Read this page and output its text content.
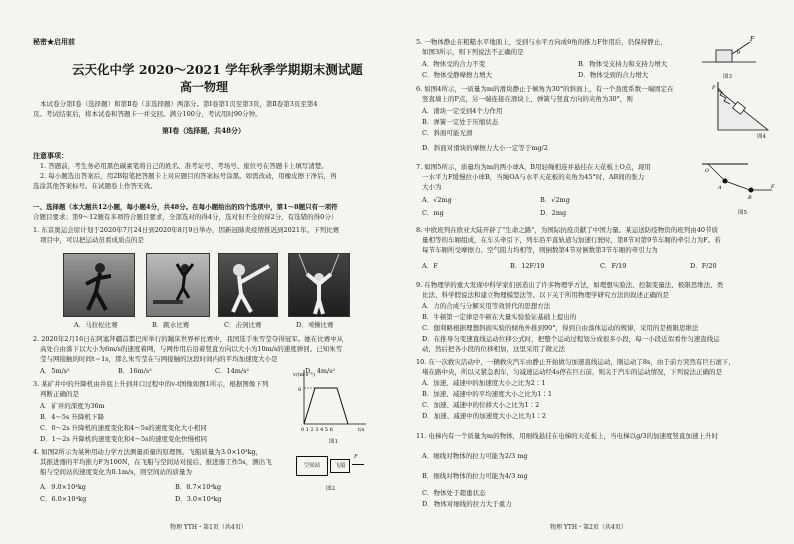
秘密★启用前
云天化中学 2020～2021 学年秋季学期期末测试题
高一物理
本试卷分第Ⅰ卷（选择题）和第Ⅱ卷（非选择题）两部分。第Ⅰ卷第1页至第3页，第Ⅱ卷第3页至第4
页。考试结束后，将本试卷和答题卡一并交回。满分100分，考试用时90分钟。
第Ⅰ卷（选择题，共48分）
注意事项：
1. 答题前，考生务必用黑色碳素笔将自己的姓名、准考证号、考场号、座位号在答题卡上填写清楚。
2. 每小题选出答案后，用2B铅笔把答题卡上对应题目的答案标号涂黑。如需改动，用橡皮擦干净后，再
选涂其他答案标号。在试题卷上作答无效。
一、选择题（本大题共12小题，每小题4分，共48分。在每小题给出的四个选项中，第1～8题只有一项符
合题目要求；第9～12题有多项符合题目要求，全部选对的得4分，选对但不全的得2分，有选错的得0分）
1. 东京奥运会原计划于2020年7月24日到2020年8月9日举办，因新冠肺炎疫情推迟到2021年。下列比赛
项目中，可以把运动员看成质点的是
A．马拉松比赛	B．跳水比赛	C．击剑比赛	D．체操比赛
2. 2020年2月16日在阿塞拜疆首都巴库举行的蹦床世界杯比赛中，我国选手朱雪莹夺得冠军。她在比赛中从
高处自由落下以大小为6m/s的速度着网，与网作用后沿着竖直方向以大小为10m/s的速度弹回。已知朱雪
莹与网接触的时间t＝1s，那么朱雪莹在与网接触的这段时间内的平均加速度大小是
A．5m/s²	B．16m/s²	C．14m/s²	D．4m/s²
3. 某矿井中的升降机由井底上升到井口过程中的v-t图像如图1所示，根据图像下列
判断正确的是
A．矿井的深度为36m
B．4～5s 升降机下降
C．0～2s 升降机的速度变化和4～5s的速度变化大小相同
D．1～2s 升降机的速度变化和4～5s的速度变化快慢相同
v/(m·s⁻¹)
8
0 1 2 3 4 5 6	t/s
图1
4. 如图2所示为某种用动力学方法测量质量的原理图。飞船质量为3.0×10³kg，
其推进器的平均推力F为100N，在飞船与空间站对接后，推进器工作5s，测出飞
船与空间站的速度变化为0.1m/s，则空间站的质量为
A．9.0×10⁴kg	B．8.7×10⁴kg
C．6.0×10⁴kg	D．3.0×10⁴kg
空间站	飞船
F
图2
物理 YTH・第1页（共4页）
5. 一物体静止在粗糙水平地面上，受到与水平方向成θ角的推力F作用后，仍保持静止，
如图3所示，则下列说法不正确的是
A．物体受的合力不变	B．物体受支持力和支持力增大
C．物体受静摩擦力增大	D．物体受到的合力增大
F
θ
图3
6. 如图4所示，一质量为m的滑块静止于倾角为30°的斜面上，有一个劲度系数一端固定在
竖直墙上的P点，另一端连接在滑块上，弹簧与竖直方向的夹角为30°，则
A．滑块一定受到4个力作用
B．弹簧一定处于压缩状态
C．斜面可能光滑
D．斜面对滑块的摩擦力大小一定等于mg/2
P
图4
7. 如图5所示，质量均为m的两小球A、B用轻绳相连并悬挂在天花板上O点，现用
一水平力F缓慢拉小球B，当绳OA与水平天花板的夹角为45°时，AB间的张力
大小为
A．√2mg	B．√2mg
C．mg	D．2mg
O
A
B
F
图5
8. 中欧班列在欧亚大陆开辟了"生命之路"，为国际抗疫贡献了中国力量。某运送防疫物资的班列由40节质
量相等的车厢组成，在车头牵引下，列车沿平直轨道匀加速行驶时，第8节对第9节车厢的牵引力为F。若
每节车厢所受摩擦力、空气阻力均相等，则倒数第4节对倒数第3节车厢的牵引力为
A．F	B．12F/19	C．F/19	D．F/20
9. 在物理学的重大发现中科学家们创造出了许多物理学方法，如理想实验法、控制变量法、极限思维法、类
比法、科学假说法和建立物理模型法等。以下关于所用物理学研究方法的叙述正确的是
A．力的合成与分解采用等效替代的思想方法
B．牛顿第一定律是牛顿在大量实验验证基础上提出的
C．伽利略根据理想斜面实验的倾角外推到90°，得到自由落体运动的规律，采用的是极限思维法
D．在推导匀变速直线运动位移公式时，把整个运动过程划分成很多小段，每一小段近似看作匀速直线运
动，然后把各小段的位移相加，这里采用了微元法
10. 在一次救灾活动中，一辆救灾汽车由静止开始做匀加速直线运动，刚运动了8s，由于前方突然有巨石滚下，
堵在路中央，所以又紧急刹车，匀减速运动经4s停在巨石前，则关于汽车的运动情况，下列说法正确的是
A．加速、减速中的加速度大小之比为2∶1
B．加速、减速中的平均速度大小之比为1∶1
C．加速、减速中的位移大小之比为1∶2
D．加速、减速中的加速度大小之比为1∶2
11. 电梯内有一个质量为m的物体，用细线悬挂在电梯的天花板上，当电梯以g/3的加速度竖直加速上升时
A．细线对物体的拉力可能为2/3 mg
B．细线对物体的拉力可能为4/3 mg
C．物体处于超重状态
D．物体对细线的拉力大于重力
物理 YTH・第2页（共4页）
